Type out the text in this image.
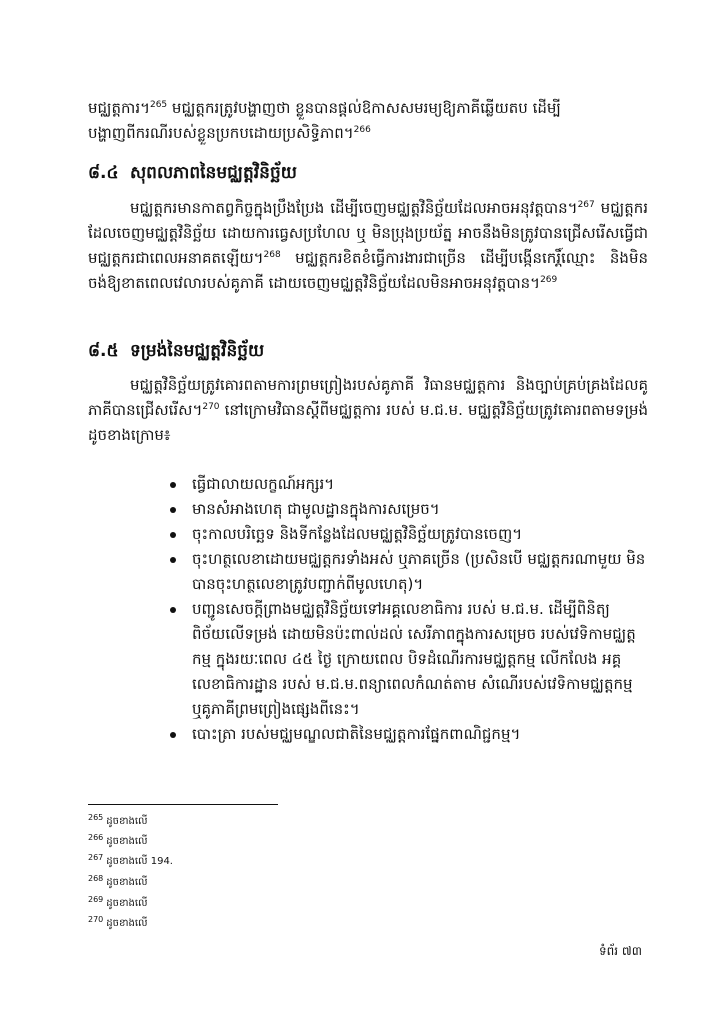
មជ្ឈត្តការ។$^{265}$ មជ្ឈត្តករត្រូវបង្ហាញថា ខ្លួនបានផ្តល់ឱកាសសមរម្យឱ្យភាគីឆ្លើយតប ដើម្បី

បង្ហាញពីករណីរបស់ខ្លួនប្រកបដោយប្រសិទ្ធិភាព។$^{266}$

៨.៤ សុពលភាពនៃមជ្ឈត្តវិនិច្ឆ័យ
មជ្ឈត្តករមានកាតព្វកិច្ចក្នុងប្រឹងប្រែង ដើម្បីចេញមជ្ឈត្តវិនិច្ឆ័យដែលអាចអនុវត្តបាន។$^{267}$ មជ្ឈត្តករដែលចេញមជ្ឈត្តវិនិច្ឆ័យ ដោយការធ្វេសប្រហែល ឬ មិនប្រុងប្រយ័ត្ន អាចនឹងមិនត្រូវបានជ្រើសរើសធ្វើជាមជ្ឈត្តករជាពេលអនាគតឡើយ។$^{268}$ មជ្ឈត្តករខិតខំធ្វើការងារជាច្រើន ដើម្បីបង្កើនកេរ្តិ៍ឈ្មោះ និងមិនចង់ឱ្យខាតពេលវេលារបស់គូភាគី ដោយចេញមជ្ឈត្តវិនិច្ឆ័យដែលមិនអាចអនុវត្តបាន។$^{269}$
៨.៥ ទម្រង់នៃមជ្ឈត្តវិនិច្ឆ័យ
មជ្ឈត្តវិនិច្ឆ័យត្រូវគោរពតាមការព្រមព្រៀងរបស់គូភាគី វិធានមជ្ឈត្តការ និងច្បាប់គ្រប់គ្រងដែលគូភាគីបានជ្រើសរើស។$^{270}$ នៅក្រោមវិធានស្តីពីមជ្ឈត្តការ របស់ ម.ជ.ម. មជ្ឈត្តវិនិច្ឆ័យត្រូវគោរពតាមទម្រង់ដូចខាងក្រោម៖
ធ្វើជាលាយលក្ខណ៍អក្សរ។
មានសំអាងហេតុ ជាមូលដ្ឋានក្នុងការសម្រេច។
ចុះកាលបរិច្ឆេទ និងទីកន្លែងដែលមជ្ឈត្តវិនិច្ឆ័យត្រូវបានចេញ។
ចុះហត្ថលេខាដោយមជ្ឈត្តករទាំងអស់ ឬភាគច្រើន (ប្រសិនបើ មជ្ឈត្តករណាមួយ មិនបានចុះហត្ថលេខាត្រូវបញ្ជាក់ពីមូលហេតុ)។
បញ្ជូនសេចក្តីព្រាងមជ្ឈត្តវិនិច្ឆ័យទៅអគ្គលេខាធិការ របស់ ម.ជ.ម. ដើម្បីពិនិត្យពិច័យលើទម្រង់ ដោយមិនប៉ះពាល់ដល់ សេរីភាពក្នុងការសម្រេច របស់វេទិកាមជ្ឈត្តកម្ម ក្នុងរយៈពេល ៤៥ ថ្ងៃ ក្រោយពេល បិទដំណើរការមជ្ឈត្តកម្ម លើកលែង អគ្គលេខាធិការដ្ឋាន របស់ ម.ជ.ម.ពន្យាពេលកំណត់តាម សំណើរបស់វេទិកាមជ្ឈត្តកម្ម ឬគូភាគីព្រមព្រៀងផ្សេងពីនេះ។
បោះត្រា របស់មជ្ឈមណ្ឌលជាតិនៃមជ្ឈត្តការផ្នែកពាណិជ្ជកម្ម។
$^{265}$ ដូចខាងលើ
$^{266}$ ដូចខាងលើ
$^{267}$ ដូចខាងលើ 194.
$^{268}$ ដូចខាងលើ
$^{269}$ ដូចខាងលើ
$^{270}$ ដូចខាងលើ
ទំព័រ ៧៣
